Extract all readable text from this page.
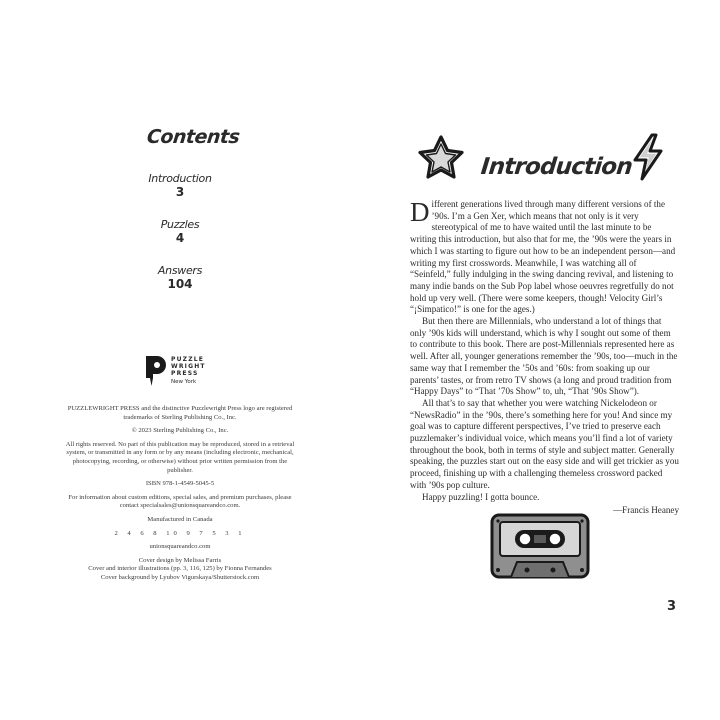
Contents
Introduction
3
Puzzles
4
Answers
104
PUZZLE
WRIGHT
PRESS
New York

PUZZLEWRIGHT PRESS and the distinctive Puzzlewright Press logo are registered trademarks of Sterling Publishing Co., Inc.

© 2023 Sterling Publishing Co., Inc.

All rights reserved. No part of this publication may be reproduced, stored in a retrieval system, or transmitted in any form or by any means (including electronic, mechanical, photocopying, recording, or otherwise) without prior written permission from the publisher.

ISBN 978-1-4549-5045-5

For information about custom editions, special sales, and premium purchases, please contact specialsales@unionsquareandco.com.

Manufactured in Canada

2 4 6 8 10 9 7 5 3 1

unionsquareandco.com

Cover design by Melissa Farris

Cover and interior illustrations (pp. 3, 116, 125) by Fionna Fernandes

Cover background by Lyubov Vigurskaya/Shutterstock.com

Introduction

Different generations lived through many different versions of the ’90s. I’m a Gen Xer, which means that not only is it very stereotypical of me to have waited until the last minute to be writing this introduction, but also that for me, the ’90s were the years in which I was starting to figure out how to be an independent person—and writing my first crosswords. Meanwhile, I was watching all of “Seinfeld,” fully indulging in the swing dancing revival, and listening to many indie bands on the Sub Pop label whose oeuvres regretfully do not hold up very well. (There were some keepers, though! Velocity Girl’s “¡Simpatico!” is one for the ages.)

But then there are Millennials, who understand a lot of things that only ’90s kids will understand, which is why I sought out some of them to contribute to this book. There are post-Millennials represented here as well. After all, younger generations remember the ’90s, too—much in the same way that I remember the ’50s and ’60s: from soaking up our parents’ tastes, or from retro TV shows (a long and proud tradition from “Happy Days” to “That ’70s Show” to, uh, “That ’90s Show”).

All that’s to say that whether you were watching Nickelodeon or “NewsRadio” in the ’90s, there’s something here for you! And since my goal was to capture different perspectives, I’ve tried to preserve each puzzlemaker’s individual voice, which means you’ll find a lot of variety throughout the book, both in terms of style and subject matter. Generally speaking, the puzzles start out on the easy side and will get trickier as you proceed, finishing up with a challenging themeless crossword packed with ’90s pop culture.

Happy puzzling! I gotta bounce.

—Francis Heaney
3
